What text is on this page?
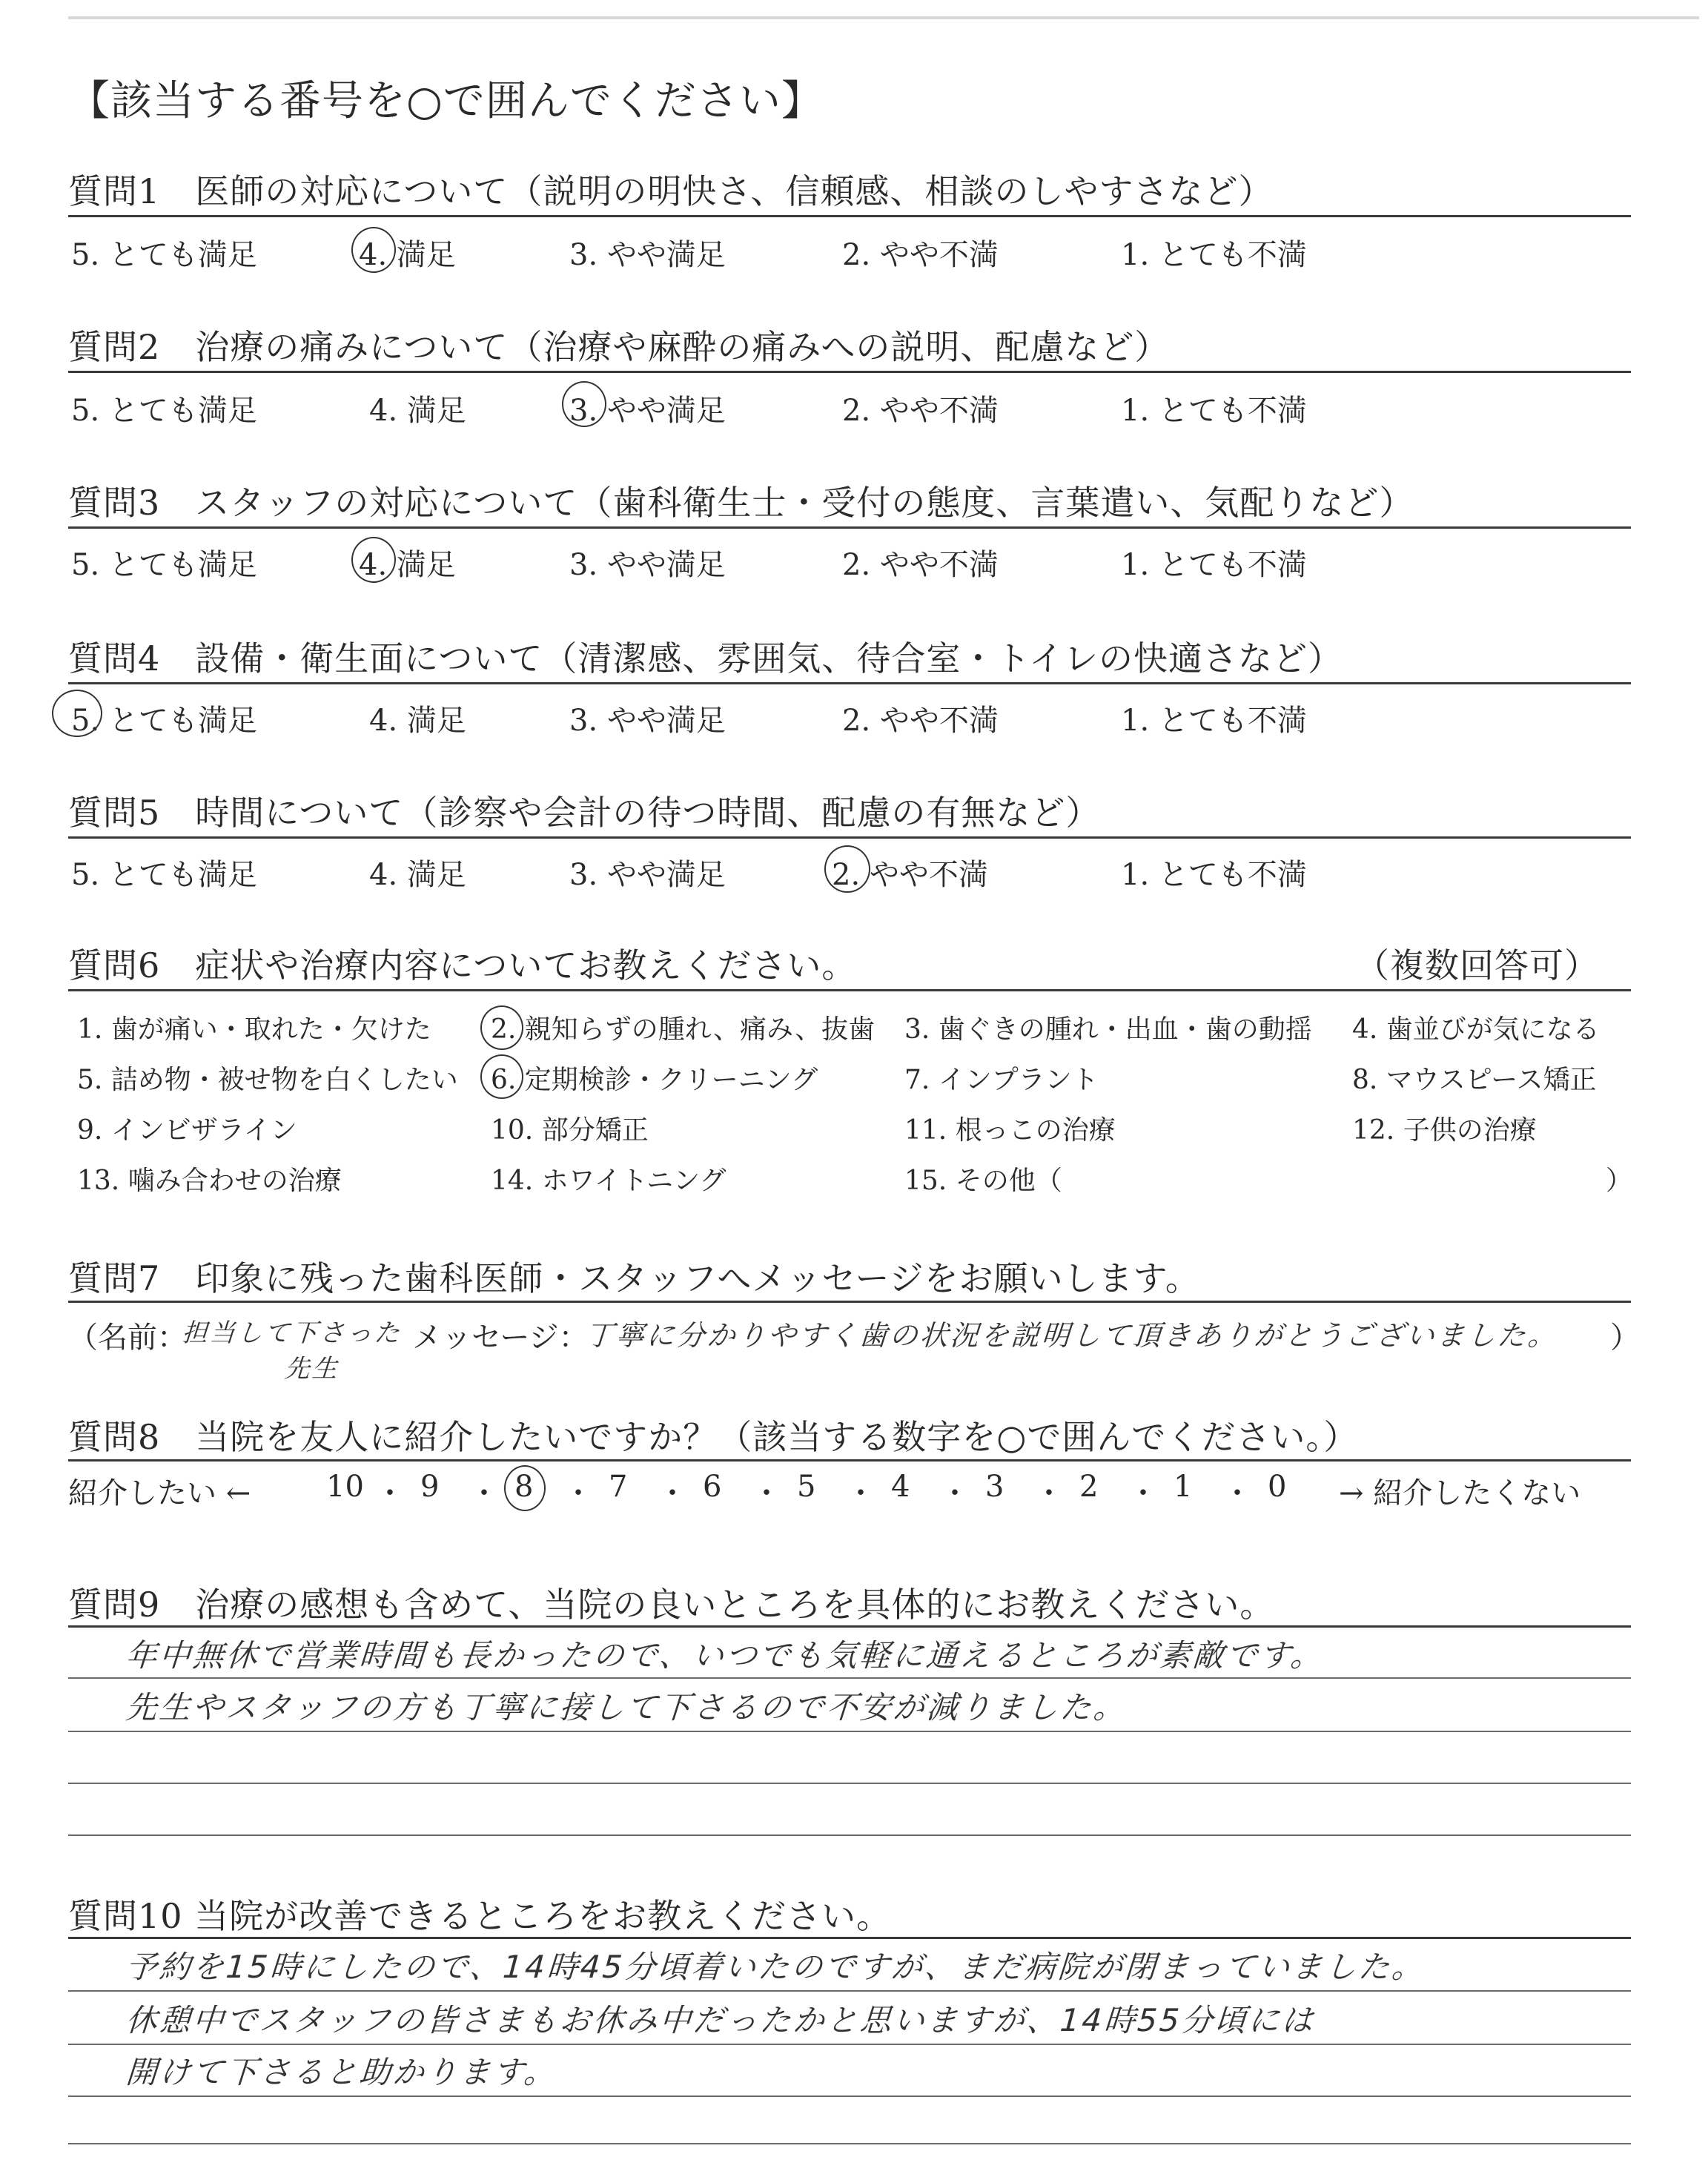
【該当する番号を○で囲んでください】
質問1　医師の対応について（説明の明快さ、信頼感、相談のしやすさなど）
5. とても満足	4. 満足	3. やや満足	2. やや不満	1. とても不満
質問2　治療の痛みについて（治療や麻酔の痛みへの説明、配慮など）
5. とても満足	4. 満足	3. やや満足	2. やや不満	1. とても不満
質問3　スタッフの対応について（歯科衛生士・受付の態度、言葉遣い、気配りなど）
5. とても満足	4. 満足	3. やや満足	2. やや不満	1. とても不満
質問4　設備・衛生面について（清潔感、雰囲気、待合室・トイレの快適さなど）
5. とても満足	4. 満足	3. やや満足	2. やや不満	1. とても不満
質問5　時間について（診察や会計の待つ時間、配慮の有無など）
5. とても満足	4. 満足	3. やや満足	2. やや不満	1. とても不満
質問6　症状や治療内容についてお教えください。	（複数回答可）
1. 歯が痛い・取れた・欠けた 2. 親知らずの腫れ、痛み、抜歯 3. 歯ぐきの腫れ・出血・歯の動揺 4. 歯並びが気になる
5. 詰め物・被せ物を白くしたい 6. 定期検診・クリーニング	7. インプラント	8. マウスピース矯正
9. インビザライン	10. 部分矯正	11. 根っこの治療	12. 子供の治療
13. 噛み合わせの治療	14. ホワイトニング	15. その他（	）
質問7　印象に残った歯科医師・スタッフへメッセージをお願いします。
（名前：
担当して下さった
先生
メッセージ：
丁寧に分かりやすく歯の状況を説明して頂きありがとうございました。 ）
質問8　当院を友人に紹介したいですか？（該当する数字を○で囲んでください。）
紹介したい ←	→ 紹介したくない
10 ・ 9 ・ 8 ・ 7 ・ 6 ・ 5 ・ 4 ・ 3 ・ 2 ・ 1 ・ 0
質問9　治療の感想も含めて、当院の良いところを具体的にお教えください。
年中無休で営業時間も長かったので、いつでも気軽に通えるところが素敵です。
先生やスタッフの方も丁寧に接して下さるので不安が減りました。
質問10 当院が改善できるところをお教えください。
予約を15時にしたので、14時45分頃着いたのですが、まだ病院が閉まっていました。
休憩中でスタッフの皆さまもお休み中だったかと思いますが、14時55分頃には
開けて下さると助かります。
